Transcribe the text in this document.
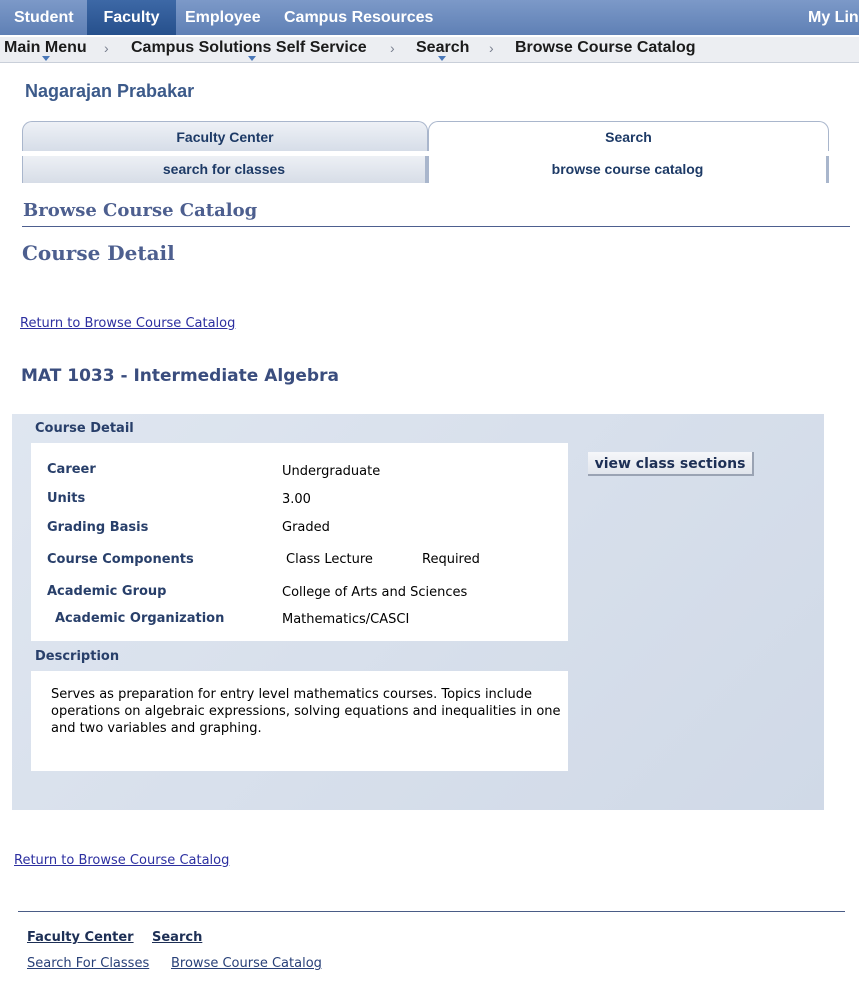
Student	Faculty	Employee Campus Resources	My Lin
Main Menu › Campus Solutions Self Service › Search › Browse Course Catalog
Nagarajan Prabakar
Faculty Center	Search
search for classes	browse course catalog
Browse Course Catalog
Course Detail
Return to Browse Course Catalog
MAT 1033 - Intermediate Algebra
Course Detail
Career	Undergraduate
Units	3.00
Grading Basis	Graded
Course Components	Class Lecture	Required
Academic Group	College of Arts and Sciences
Academic Organization	Mathematics/CASCI
Description
Serves as preparation for entry level mathematics courses. Topics include operations on algebraic expressions, solving equations and inequalities in one and two variables and graphing.
view class sections
Return to Browse Course Catalog
Faculty Center Search
Search For Classes Browse Course Catalog
